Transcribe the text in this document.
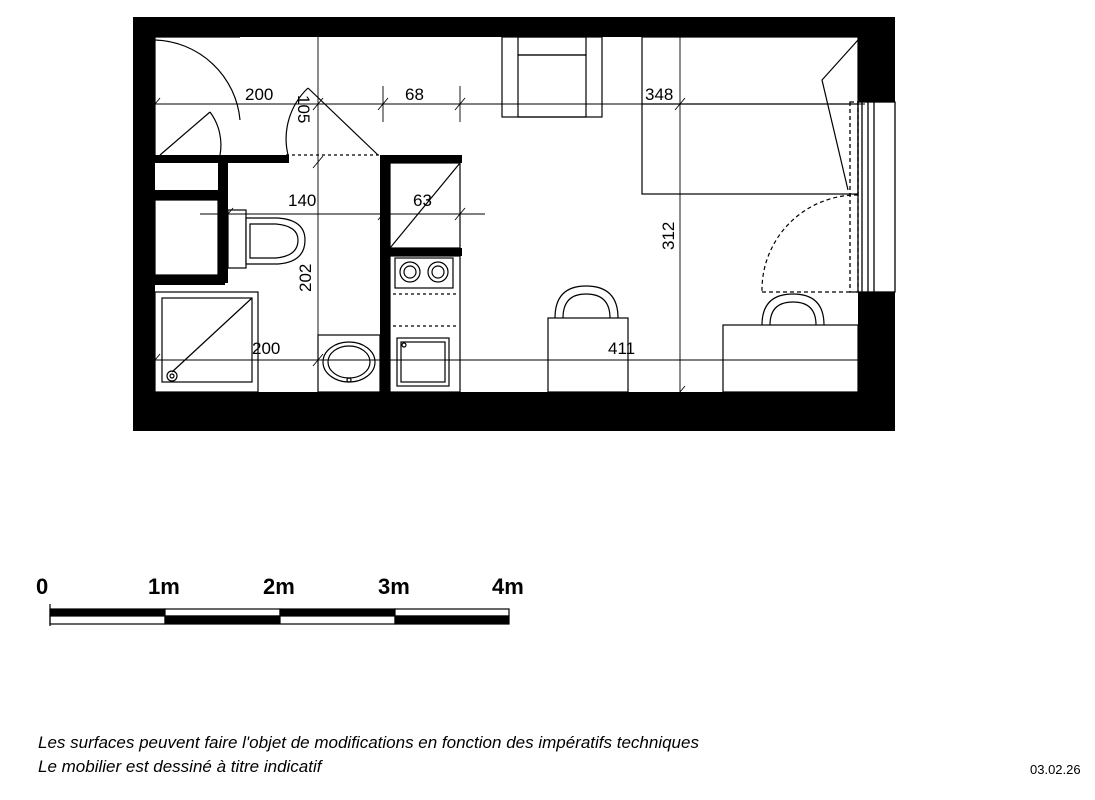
200
105
68	348
140	63
312
202
200	411
0	1m	2m	3m	4m
Les surfaces peuvent faire l'objet de modifications en fonction des impératifs techniques
Le mobilier est dessiné à titre indicatif	03.02.26
